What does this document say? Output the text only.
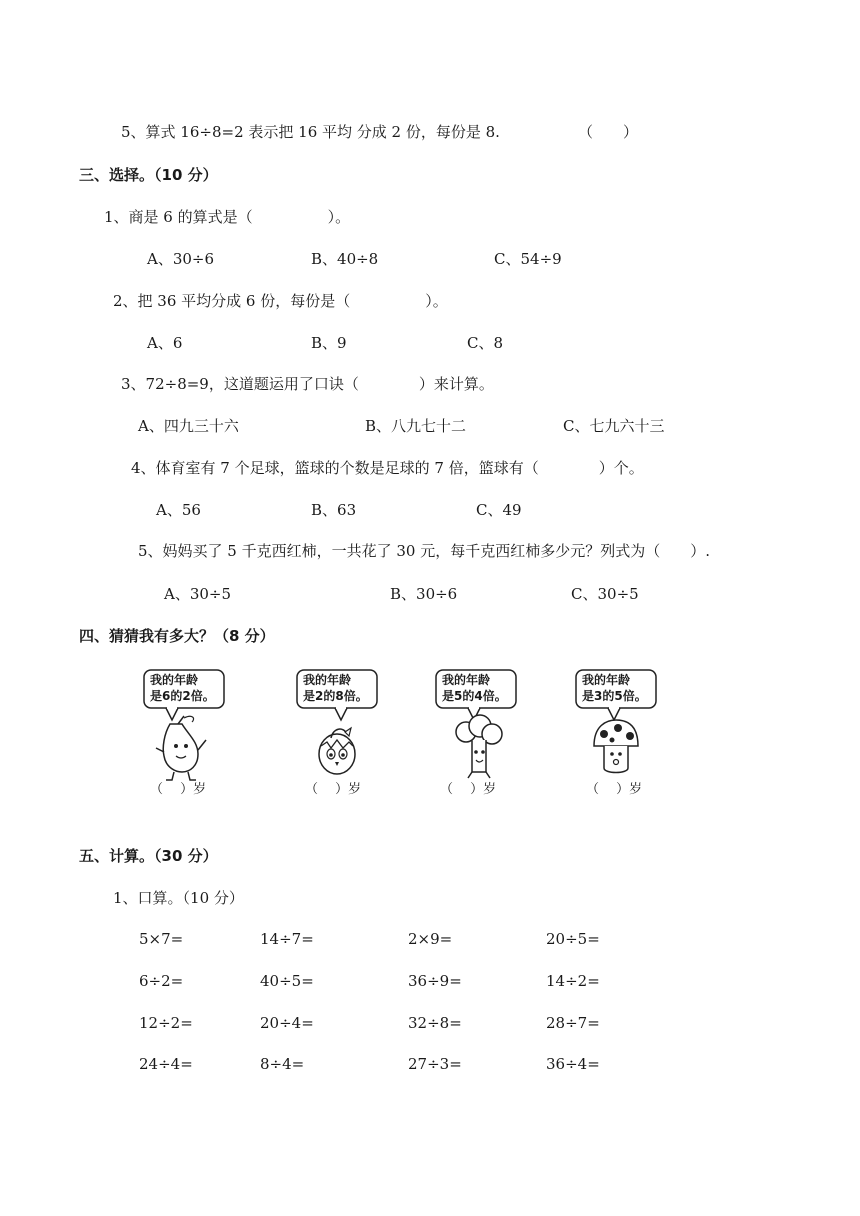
5、算式 16÷8=2 表示把 16 平均 分成 2 份，每份是 8.	（　　）
三、选择。（10 分）
1、商是 6 的算式是（　　　　　）。
A、30÷6	B、40÷8	C、54÷9
2、把 36 平均分成 6 份，每份是（　　　　　）。
A、6	B、9	C、8
3、72÷8=9，这道题运用了口诀（　　　　）来计算。
A、四九三十六	B、八九七十二	C、七九六十三
4、体育室有 7 个足球，篮球的个数是足球的 7 倍，篮球有（　　　　）个。
A、56	B、63	C、49
5、妈妈买了 5 千克西红柿，一共花了 30 元，每千克西红柿多少元？列式为（　　）.
A、30÷5	B、30÷6	C、30÷5
四、猜猜我有多大？（8 分）
我的年龄
是6的2倍。
（　 ）岁
我的年龄
是2的8倍。
（　 ）岁
我的年龄
是5的4倍。
（　 ）岁
我的年龄
是3的5倍。
（　 ）岁
五、计算。（30 分）
1、口算。（10 分）
5×7=	14÷7=	2×9=	20÷5=
6÷2=	40÷5=	36÷9=	14÷2=
12÷2=	20÷4=	32÷8=	28÷7=
24÷4=	8÷4=	27÷3=	36÷4=
